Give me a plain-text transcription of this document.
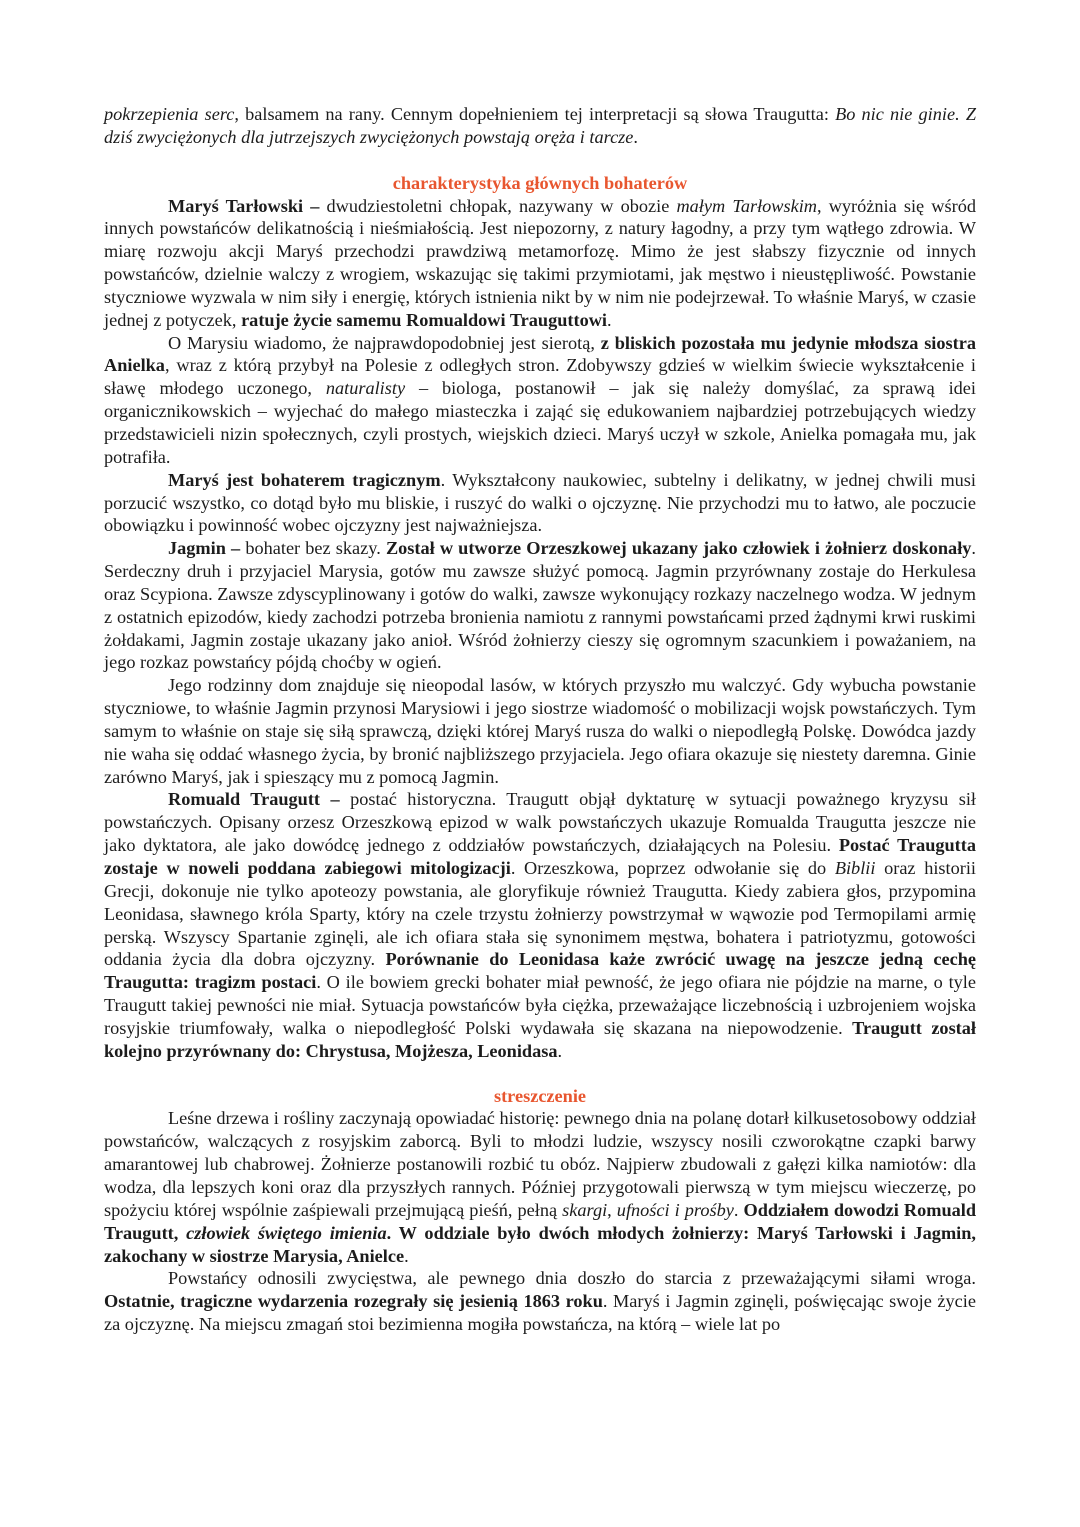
pokrzepienia serc, balsamem na rany. Cennym dopełnieniem tej interpretacji są słowa Traugutta: Bo nic nie ginie. Z dziś zwyciężonych dla jutrzejszych zwyciężonych powstają oręża i tarcze.

charakterystyka głównych bohaterów

Maryś Tarłowski – dwudziestoletni chłopak, nazywany w obozie małym Tarłowskim, wyróżnia się wśród innych powstańców delikatnością i nieśmiałością. Jest niepozorny, z natury łagodny, a przy tym wątłego zdrowia. W miarę rozwoju akcji Maryś przechodzi prawdziwą metamorfozę. Mimo że jest słabszy fizycznie od innych powstańców, dzielnie walczy z wrogiem, wskazując się takimi przymiotami, jak męstwo i nieustępliwość. Powstanie styczniowe wyzwala w nim siły i energię, których istnienia nikt by w nim nie podejrzewał. To właśnie Maryś, w czasie jednej z potyczek, ratuje życie samemu Romualdowi Trauguttowi.

O Marysiu wiadomo, że najprawdopodobniej jest sierotą, z bliskich pozostała mu jedynie młodsza siostra Anielka, wraz z którą przybył na Polesie z odległych stron. Zdobywszy gdzieś w wielkim świecie wykształcenie i sławę młodego uczonego, naturalisty – biologa, postanowił – jak się należy domyślać, za sprawą idei organicznikowskich – wyjechać do małego miasteczka i zająć się edukowaniem najbardziej potrzebujących wiedzy przedstawicieli nizin społecznych, czyli prostych, wiejskich dzieci. Maryś uczył w szkole, Anielka pomagała mu, jak potrafiła.

Maryś jest bohaterem tragicznym. Wykształcony naukowiec, subtelny i delikatny, w jednej chwili musi porzucić wszystko, co dotąd było mu bliskie, i ruszyć do walki o ojczyznę. Nie przychodzi mu to łatwo, ale poczucie obowiązku i powinność wobec ojczyzny jest najważniejsza.

Jagmin – bohater bez skazy. Został w utworze Orzeszkowej ukazany jako człowiek i żołnierz doskonały. Serdeczny druh i przyjaciel Marysia, gotów mu zawsze służyć pomocą. Jagmin przyrównany zostaje do Herkulesa oraz Scypiona. Zawsze zdyscyplinowany i gotów do walki, zawsze wykonujący rozkazy naczelnego wodza. W jednym z ostatnich epizodów, kiedy zachodzi potrzeba bronienia namiotu z rannymi powstańcami przed żądnymi krwi ruskimi żołdakami, Jagmin zostaje ukazany jako anioł. Wśród żołnierzy cieszy się ogromnym szacunkiem i poważaniem, na jego rozkaz powstańcy pójdą choćby w ogień.

Jego rodzinny dom znajduje się nieopodal lasów, w których przyszło mu walczyć. Gdy wybucha powstanie styczniowe, to właśnie Jagmin przynosi Marysiowi i jego siostrze wiadomość o mobilizacji wojsk powstańczych. Tym samym to właśnie on staje się siłą sprawczą, dzięki której Maryś rusza do walki o niepodległą Polskę. Dowódca jazdy nie waha się oddać własnego życia, by bronić najbliższego przyjaciela. Jego ofiara okazuje się niestety daremna. Ginie zarówno Maryś, jak i spieszący mu z pomocą Jagmin.

Romuald Traugutt – postać historyczna. Traugutt objął dyktaturę w sytuacji poważnego kryzysu sił powstańczych. Opisany orzesz Orzeszkową epizod w walk powstańczych ukazuje Romualda Traugutta jeszcze nie jako dyktatora, ale jako dowódcę jednego z oddziałów powstańczych, działających na Polesiu. Postać Traugutta zostaje w noweli poddana zabiegowi mitologizacji. Orzeszkowa, poprzez odwołanie się do Biblii oraz historii Grecji, dokonuje nie tylko apoteozy powstania, ale gloryfikuje również Traugutta. Kiedy zabiera głos, przypomina Leonidasa, sławnego króla Sparty, który na czele trzystu żołnierzy powstrzymał w wąwozie pod Termopilami armię perską. Wszyscy Spartanie zginęli, ale ich ofiara stała się synonimem męstwa, bohatera i patriotyzmu, gotowości oddania życia dla dobra ojczyzny. Porównanie do Leonidasa każe zwrócić uwagę na jeszcze jedną cechę Traugutta: tragizm postaci. O ile bowiem grecki bohater miał pewność, że jego ofiara nie pójdzie na marne, o tyle Traugutt takiej pewności nie miał. Sytuacja powstańców była ciężka, przeważające liczebnością i uzbrojeniem wojska rosyjskie triumfowały, walka o niepodległość Polski wydawała się skazana na niepowodzenie. Traugutt został kolejno przyrównany do: Chrystusa, Mojżesza, Leonidasa.

streszczenie

Leśne drzewa i rośliny zaczynają opowiadać historię: pewnego dnia na polanę dotarł kilkusetosobowy oddział powstańców, walczących z rosyjskim zaborcą. Byli to młodzi ludzie, wszyscy nosili czworokątne czapki barwy amarantowej lub chabrowej. Żołnierze postanowili rozbić tu obóz. Najpierw zbudowali z gałęzi kilka namiotów: dla wodza, dla lepszych koni oraz dla przyszłych rannych. Później przygotowali pierwszą w tym miejscu wieczerzę, po spożyciu której wspólnie zaśpiewali przejmującą pieśń, pełną skargi, ufności i prośby. Oddziałem dowodzi Romuald Traugutt, człowiek świętego imienia. W oddziale było dwóch młodych żołnierzy: Maryś Tarłowski i Jagmin, zakochany w siostrze Marysia, Anielce.

Powstańcy odnosili zwycięstwa, ale pewnego dnia doszło do starcia z przeważającymi siłami wroga. Ostatnie, tragiczne wydarzenia rozegrały się jesienią 1863 roku. Maryś i Jagmin zginęli, poświęcając swoje życie za ojczyznę. Na miejscu zmagań stoi bezimienna mogiła powstańcza, na którą – wiele lat po
